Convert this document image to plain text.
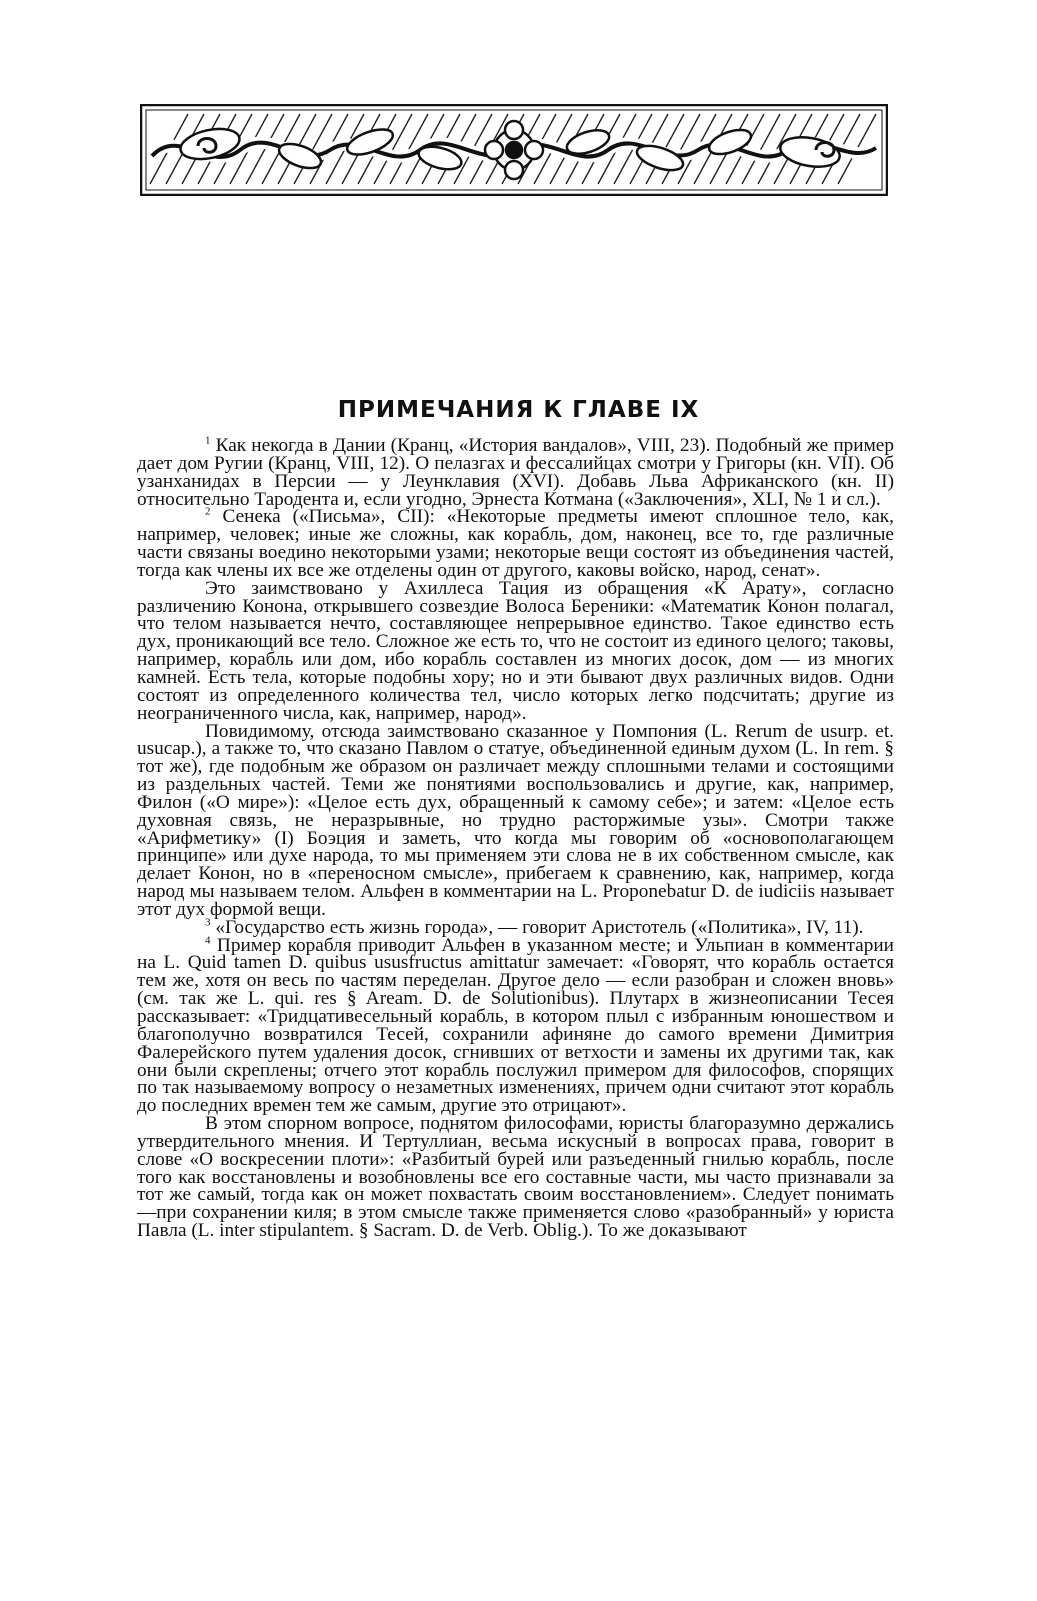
ПРИМЕЧАНИЯ К ГЛАВЕ IX

$^1$ Как некогда в Дании (Кранц, «История вандалов», VIII, 23). Подобный же пример дает дом Ругии (Кранц, VIII, 12). О пелазгах и фессалийцах смотри у Григоры (кн. VII). Об узанханидах в Персии — у Леунклавия (XVI). Добавь Льва Африканского (кн. II) относительно Тародента и, если угодно, Эрнеста Котмана («Заключения», XLI, № 1 и сл.).

$^2$ Сенека («Письма», CII): «Некоторые предметы имеют сплошное тело, как, например, человек; иные же сложны, как корабль, дом, наконец, все то, где различные части связаны воедино некоторыми узами; некоторые вещи состоят из объединения частей, тогда как члены их все же отделены один от другого, каковы войско, народ, сенат».

Это заимствовано у Ахиллеса Тация из обращения «К Арату», согласно различению Конона, открывшего созвездие Волоса Береники: «Математик Конон полагал, что телом называется нечто, составляющее непрерывное единство. Такое единство есть дух, проникающий все тело. Сложное же есть то, что не состоит из единого целого; таковы, например, корабль или дом, ибо корабль составлен из многих досок, дом — из многих камней. Есть тела, которые подобны хору; но и эти бывают двух различных видов. Одни состоят из определенного количества тел, число которых легко подсчитать; другие из неограниченного числа, как, например, народ».

Повидимому, отсюда заимствовано сказанное у Помпония (L. Rerum de usurp. et. usucap.), а также то, что сказано Павлом о статуе, объединенной единым духом (L. In rem. § тот же), где подобным же образом он различает между сплошными телами и состоящими из раздельных частей. Теми же понятиями воспользовались и другие, как, например, Филон («О мире»): «Целое есть дух, обращенный к самому себе»; и затем: «Целое есть духовная связь, не неразрывные, но трудно расторжимые узы». Смотри также «Арифметику» (I) Боэция и заметь, что когда мы говорим об «основополагающем принципе» или духе народа, то мы применяем эти слова не в их собственном смысле, как делает Конон, но в «переносном смысле», прибегаем к сравнению, как, например, когда народ мы называем телом. Альфен в комментарии на L. Proponebatur D. de iudiciis называет этот дух формой вещи.

$^3$ «Государство есть жизнь города», — говорит Аристотель («Политика», IV, 11).

$^4$ Пример корабля приводит Альфен в указанном месте; и Ульпиан в комментарии на L. Quid tamen D. quibus ususfructus amittatur замечает: «Говорят, что корабль остается тем же, хотя он весь по частям переделан. Другое дело — если разобран и сложен вновь» (см. так же L. qui. res § Aream. D. de Solutionibus). Плутарх в жизнеописании Тесея рассказывает: «Тридцативесельный корабль, в котором плыл с избранным юношеством и благополучно возвратился Тесей, сохранили афиняне до самого времени Димитрия Фалерейского путем удаления досок, сгнивших от ветхости и замены их другими так, как они были скреплены; отчего этот корабль послужил примером для философов, спорящих по так называемому вопросу о незаметных изменениях, причем одни считают этот корабль до последних времен тем же самым, другие это отрицают».

В этом спорном вопросе, поднятом философами, юристы благоразумно держались утвердительного мнения. И Тертуллиан, весьма искусный в вопросах права, говорит в слове «О воскресении плоти»: «Разбитый бурей или разъеденный гнилью корабль, после того как восстановлены и возобновлены все его составные части, мы часто признавали за тот же самый, тогда как он может похвастать своим восстановлением». Следует понимать—при сохранении киля; в этом смысле также применяется слово «разобранный» у юриста Павла (L. inter stipulantem. § Sacram. D. de Verb. Oblig.). То же доказывают
